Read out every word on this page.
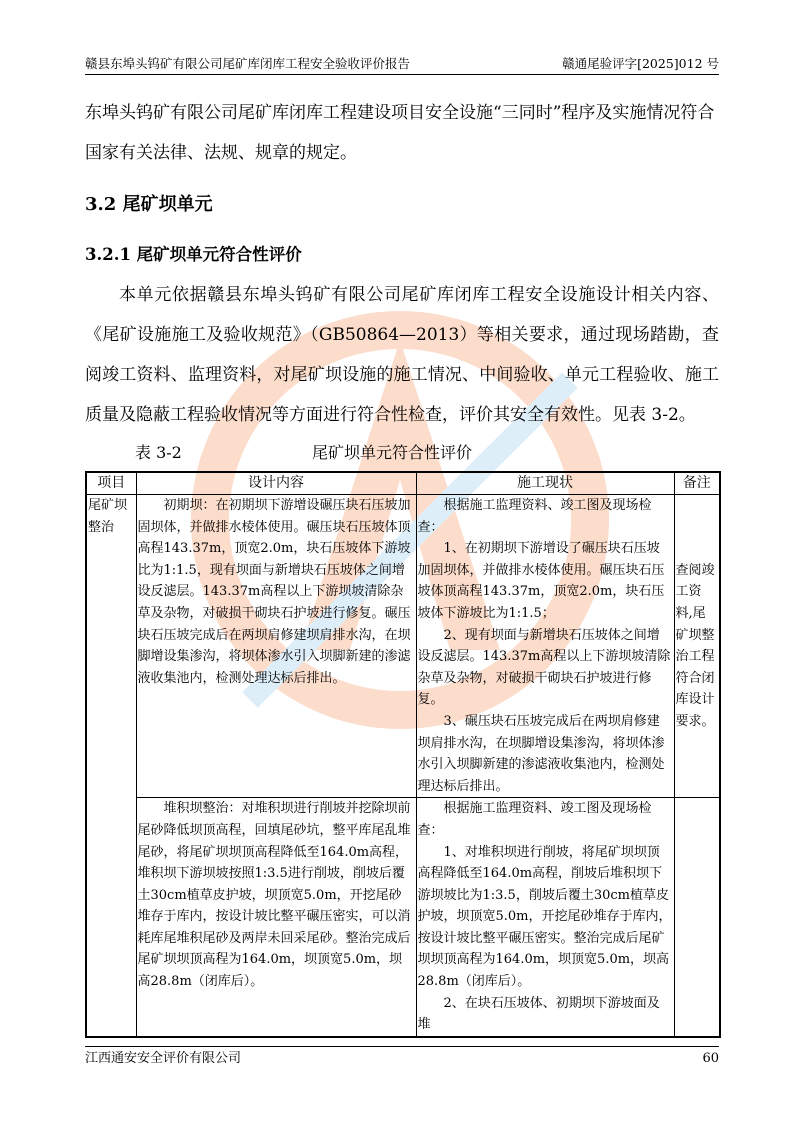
赣县东埠头钨矿有限公司尾矿库闭库工程安全验收评价报告	赣通尾验评字[2025]012 号

东埠头钨矿有限公司尾矿库闭库工程建设项目安全设施“三同时”程序及实施情况符合国家有关法律、法规、规章的规定。

3.2 尾矿坝单元
3.2.1 尾矿坝单元符合性评价

本单元依据赣县东埠头钨矿有限公司尾矿库闭库工程安全设施设计相关内容、《尾矿设施施工及验收规范》（GB50864—2013）等相关要求，通过现场踏勘，查阅竣工资料、监理资料，对尾矿坝设施的施工情况、中间验收、单元工程验收、施工质量及隐蔽工程验收情况等方面进行符合性检查，评价其安全有效性。见表 3-2。

表 3-2	尾矿坝单元符合性评价
项目	设计内容	施工现状	备注
尾矿坝整治	初期坝：在初期坝下游增设碾压块石压坡加固坝体，并做排水棱体使用。碾压块石压坡体顶高程143.37m，顶宽2.0m，块石压坡体下游坡比为1:1.5，现有坝面与新增块石压坡体之间增设反滤层。143.37m高程以上下游坝坡清除杂草及杂物，对破损干砌块石护坡进行修复。碾压块石压坡完成后在两坝肩修建坝肩排水沟，在坝脚增设集渗沟，将坝体渗水引入坝脚新建的渗滤液收集池内，检测处理达标后排出。	根据施工监理资料、竣工图及现场检查：
1、在初期坝下游增设了碾压块石压坡加固坝体，并做排水棱体使用。碾压块石压坡体顶高程143.37m，顶宽2.0m，块石压坡体下游坡比为1:1.5；
2、现有坝面与新增块石压坡体之间增设反滤层。143.37m高程以上下游坝坡清除杂草及杂物，对破损干砌块石护坡进行修复。
3、碾压块石压坡完成后在两坝肩修建坝肩排水沟，在坝脚增设集渗沟，将坝体渗水引入坝脚新建的渗滤液收集池内，检测处理达标后排出。	查阅竣工资料,尾矿坝整治工程符合闭库设计要求。
	堆积坝整治：对堆积坝进行削坡并挖除坝前尾砂降低坝顶高程，回填尾砂坑，整平库尾乱堆尾砂，将尾矿坝坝顶高程降低至164.0m高程，堆积坝下游坝坡按照1:3.5进行削坡，削坡后覆土30cm植草皮护坡，坝顶宽5.0m，开挖尾砂堆存于库内，按设计坡比整平碾压密实，可以消耗库尾堆积尾砂及两岸未回采尾砂。整治完成后尾矿坝坝顶高程为164.0m，坝顶宽5.0m，坝高28.8m（闭库后）。	根据施工监理资料、竣工图及现场检查：
1、对堆积坝进行削坡，将尾矿坝坝顶高程降低至164.0m高程，削坡后堆积坝下游坝坡比为1:3.5，削坡后覆土30cm植草皮护坡，坝顶宽5.0m，开挖尾砂堆存于库内，按设计坡比整平碾压密实。整治完成后尾矿坝坝顶高程为164.0m，坝顶宽5.0m，坝高28.8m（闭库后）。
2、在块石压坡体、初期坝下游坡面及堆	

江西通安安全评价有限公司	60
